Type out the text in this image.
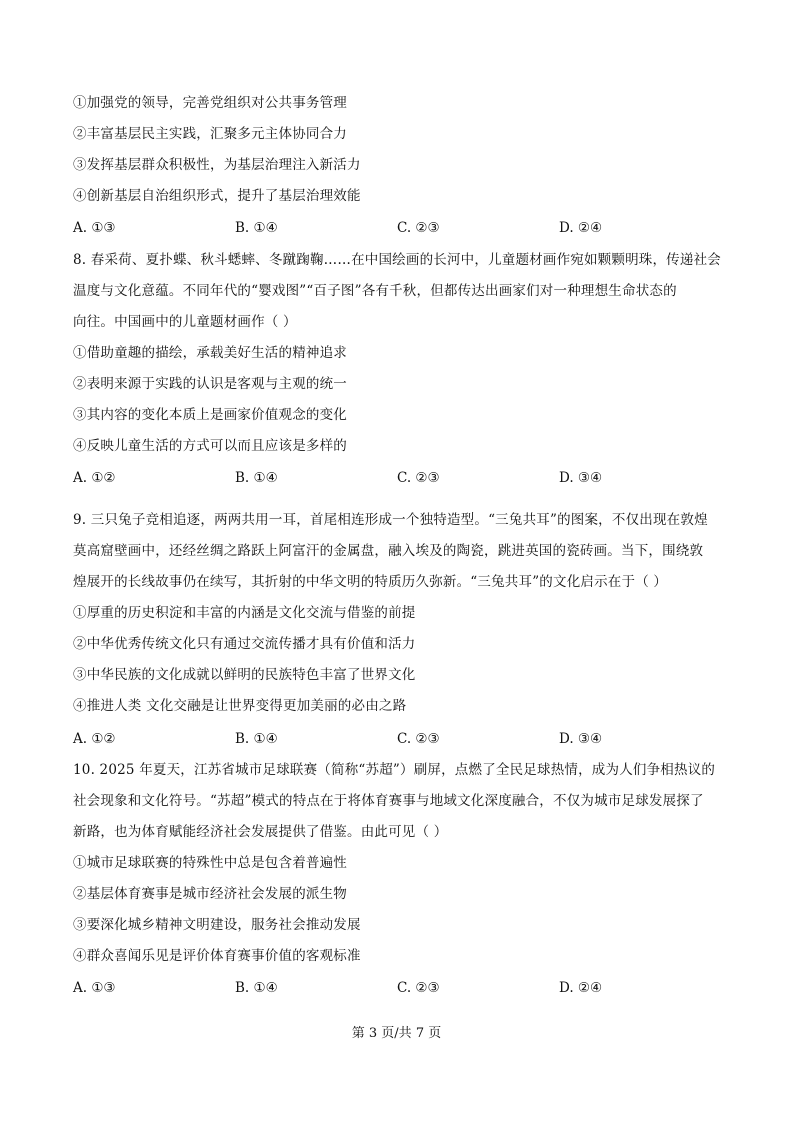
①加强党的领导，完善党组织对公共事务管理
②丰富基层民主实践，汇聚多元主体协同合力
③发挥基层群众积极性，为基层治理注入新活力
④创新基层自治组织形式，提升了基层治理效能
A. ①③	B. ①④	C. ②③	D. ②④
8. 春采荷、夏扑蝶、秋斗蟋蟀、冬蹴踘鞠……在中国绘画的长河中，儿童题材画作宛如颗颗明珠，传递社会
温度与文化意蕴。不同年代的“婴戏图”“百子图”各有千秋，但都传达出画家们对一种理想生命状态的
向往。中国画中的儿童题材画作（ ）
①借助童趣的描绘，承载美好生活的精神追求
②表明来源于实践的认识是客观与主观的统一
③其内容的变化本质上是画家价值观念的变化
④反映儿童生活的方式可以而且应该是多样的
A. ①②	B. ①④	C. ②③	D. ③④
9. 三只兔子竞相追逐，两两共用一耳，首尾相连形成一个独特造型。“三兔共耳”的图案，不仅出现在敦煌
莫高窟壁画中，还经丝绸之路跃上阿富汗的金属盘，融入埃及的陶瓷，跳进英国的瓷砖画。当下，围绕敦
煌展开的长线故事仍在续写，其折射的中华文明的特质历久弥新。“三兔共耳”的文化启示在于（ ）
①厚重的历史积淀和丰富的内涵是文化交流与借鉴的前提
②中华优秀传统文化只有通过交流传播才具有价值和活力
③中华民族的文化成就以鲜明的民族特色丰富了世界文化
④推进人类 文化交融是让世界变得更加美丽的必由之路
A. ①②	B. ①④	C. ②③	D. ③④
10. 2025 年夏天，江苏省城市足球联赛（简称“苏超”）刷屏，点燃了全民足球热情，成为人们争相热议的
社会现象和文化符号。“苏超”模式的特点在于将体育赛事与地域文化深度融合，不仅为城市足球发展探了
新路，也为体育赋能经济社会发展提供了借鉴。由此可见（ ）
①城市足球联赛的特殊性中总是包含着普遍性
②基层体育赛事是城市经济社会发展的派生物
③要深化城乡精神文明建设，服务社会推动发展
④群众喜闻乐见是评价体育赛事价值的客观标准
A. ①③	B. ①④	C. ②③	D. ②④
第 3 页/共 7 页
